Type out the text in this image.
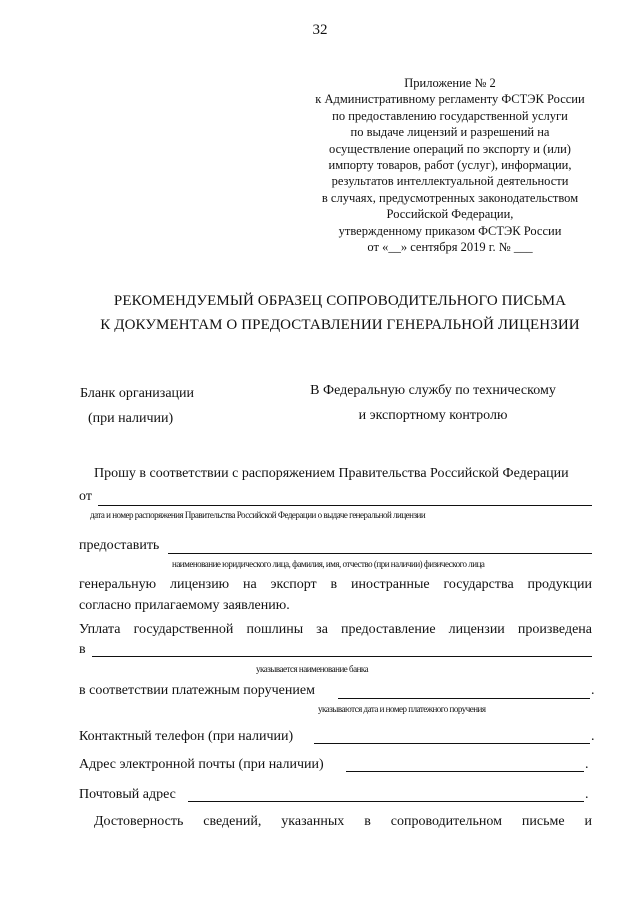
32
Приложение № 2
к Административному регламенту ФСТЭК России
по предоставлению государственной услуги
по выдаче лицензий и разрешений на
осуществление операций по экспорту и (или)
импорту товаров, работ (услуг), информации,
результатов интеллектуальной деятельности
в случаях, предусмотренных законодательством
Российской Федерации,
утвержденному приказом ФСТЭК России
от «__» сентября 2019 г. № ___
РЕКОМЕНДУЕМЫЙ ОБРАЗЕЦ СОПРОВОДИТЕЛЬНОГО ПИСЬМА
К ДОКУМЕНТАМ О ПРЕДОСТАВЛЕНИИ ГЕНЕРАЛЬНОЙ ЛИЦЕНЗИИ
Бланк организации
(при наличии)
В Федеральную службу по техническому
и экспортному контролю
Прошу в соответствии с распоряжением Правительства Российской Федерации
от
дата и номер распоряжения Правительства Российской Федерации о выдаче генеральной лицензии
предоставить
наименование юридического лица, фамилия, имя, отчество (при наличии) физического лица
генеральную лицензию на экспорт в иностранные государства продукции
согласно прилагаемому заявлению.
Уплата государственной пошлины за предоставление лицензии произведена
в
указывается наименование банка
в соответствии платежным поручением	.
указываются дата и номер платежного поручения
Контактный телефон (при наличии)	.
Адрес электронной почты (при наличии)	.
Почтовый адрес	.
Достоверность сведений, указанных в сопроводительном письме и
